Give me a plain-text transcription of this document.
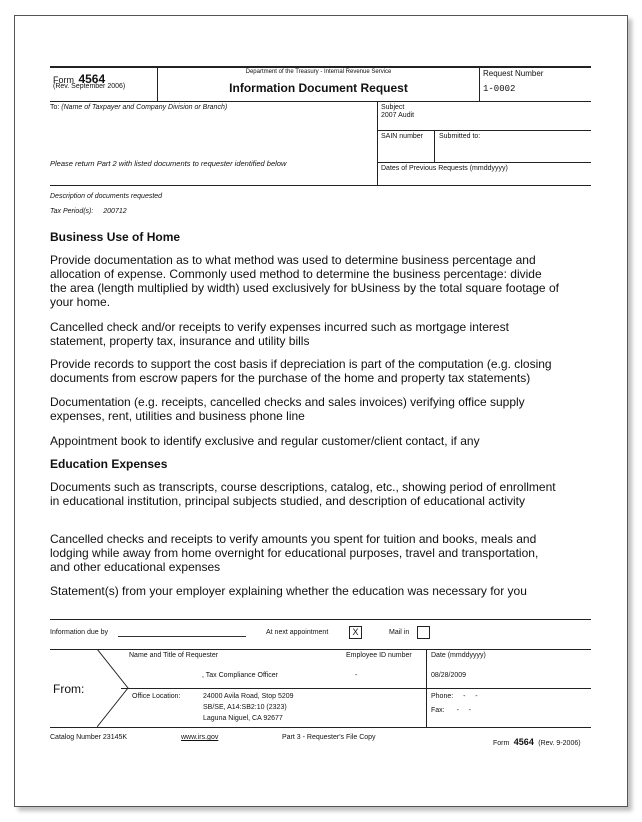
Form 4564
(Rev. September 2006)
Department of the Treasury - Internal Revenue Service
Information Document Request
Request Number
1-0002
To: (Name of Taxpayer and Company Division or Branch)
Please return Part 2 with listed documents to requester identified below
Subject
2007 Audit
SAIN number Submitted to:
Dates of Previous Requests (mmddyyyy)
Description of documents requested
Tax Period(s): 200712
Business Use of Home
Provide documentation as to what method was used to determine business percentage and allocation of expense. Commonly used method to determine the business percentage: divide the area (length multiplied by width) used exclusively for bUsiness by the total square footage of your home.
Cancelled check and/or receipts to verify expenses incurred such as mortgage interest statement, property tax, insurance and utility bills
Provide records to support the cost basis if depreciation is part of the computation (e.g. closing documents from escrow papers for the purchase of the home and property tax statements)
Documentation (e.g. receipts, cancelled checks and sales invoices) verifying office supply expenses, rent, utilities and business phone line
Appointment book to identify exclusive and regular customer/client contact, if any
Education Expenses
Documents such as transcripts, course descriptions, catalog, etc., showing period of enrollment in educational institution, principal subjects studied, and description of educational activity
Cancelled checks and receipts to verify amounts you spent for tuition and books, meals and lodging while away from home overnight for educational purposes, travel and transportation, and other educational expenses
Statement(s) from your employer explaining whether the education was necessary for you
Information due by	At next appointment	X	Mail in
From:
Name and Title of Requester
, Tax Compliance Officer
Employee ID number
-
Date (mmddyyyy)
08/28/2009
Office Location:	24000 Avila Road, Stop 5209
SB/SE, A14:SB2:10 (2323)
Laguna Niguel, CA 92677
Phone: -     -
Fax: -     -
Catalog Number 23145K	www.irs.gov	Part 3 - Requester's File Copy
Form 4564 (Rev. 9-2006)
